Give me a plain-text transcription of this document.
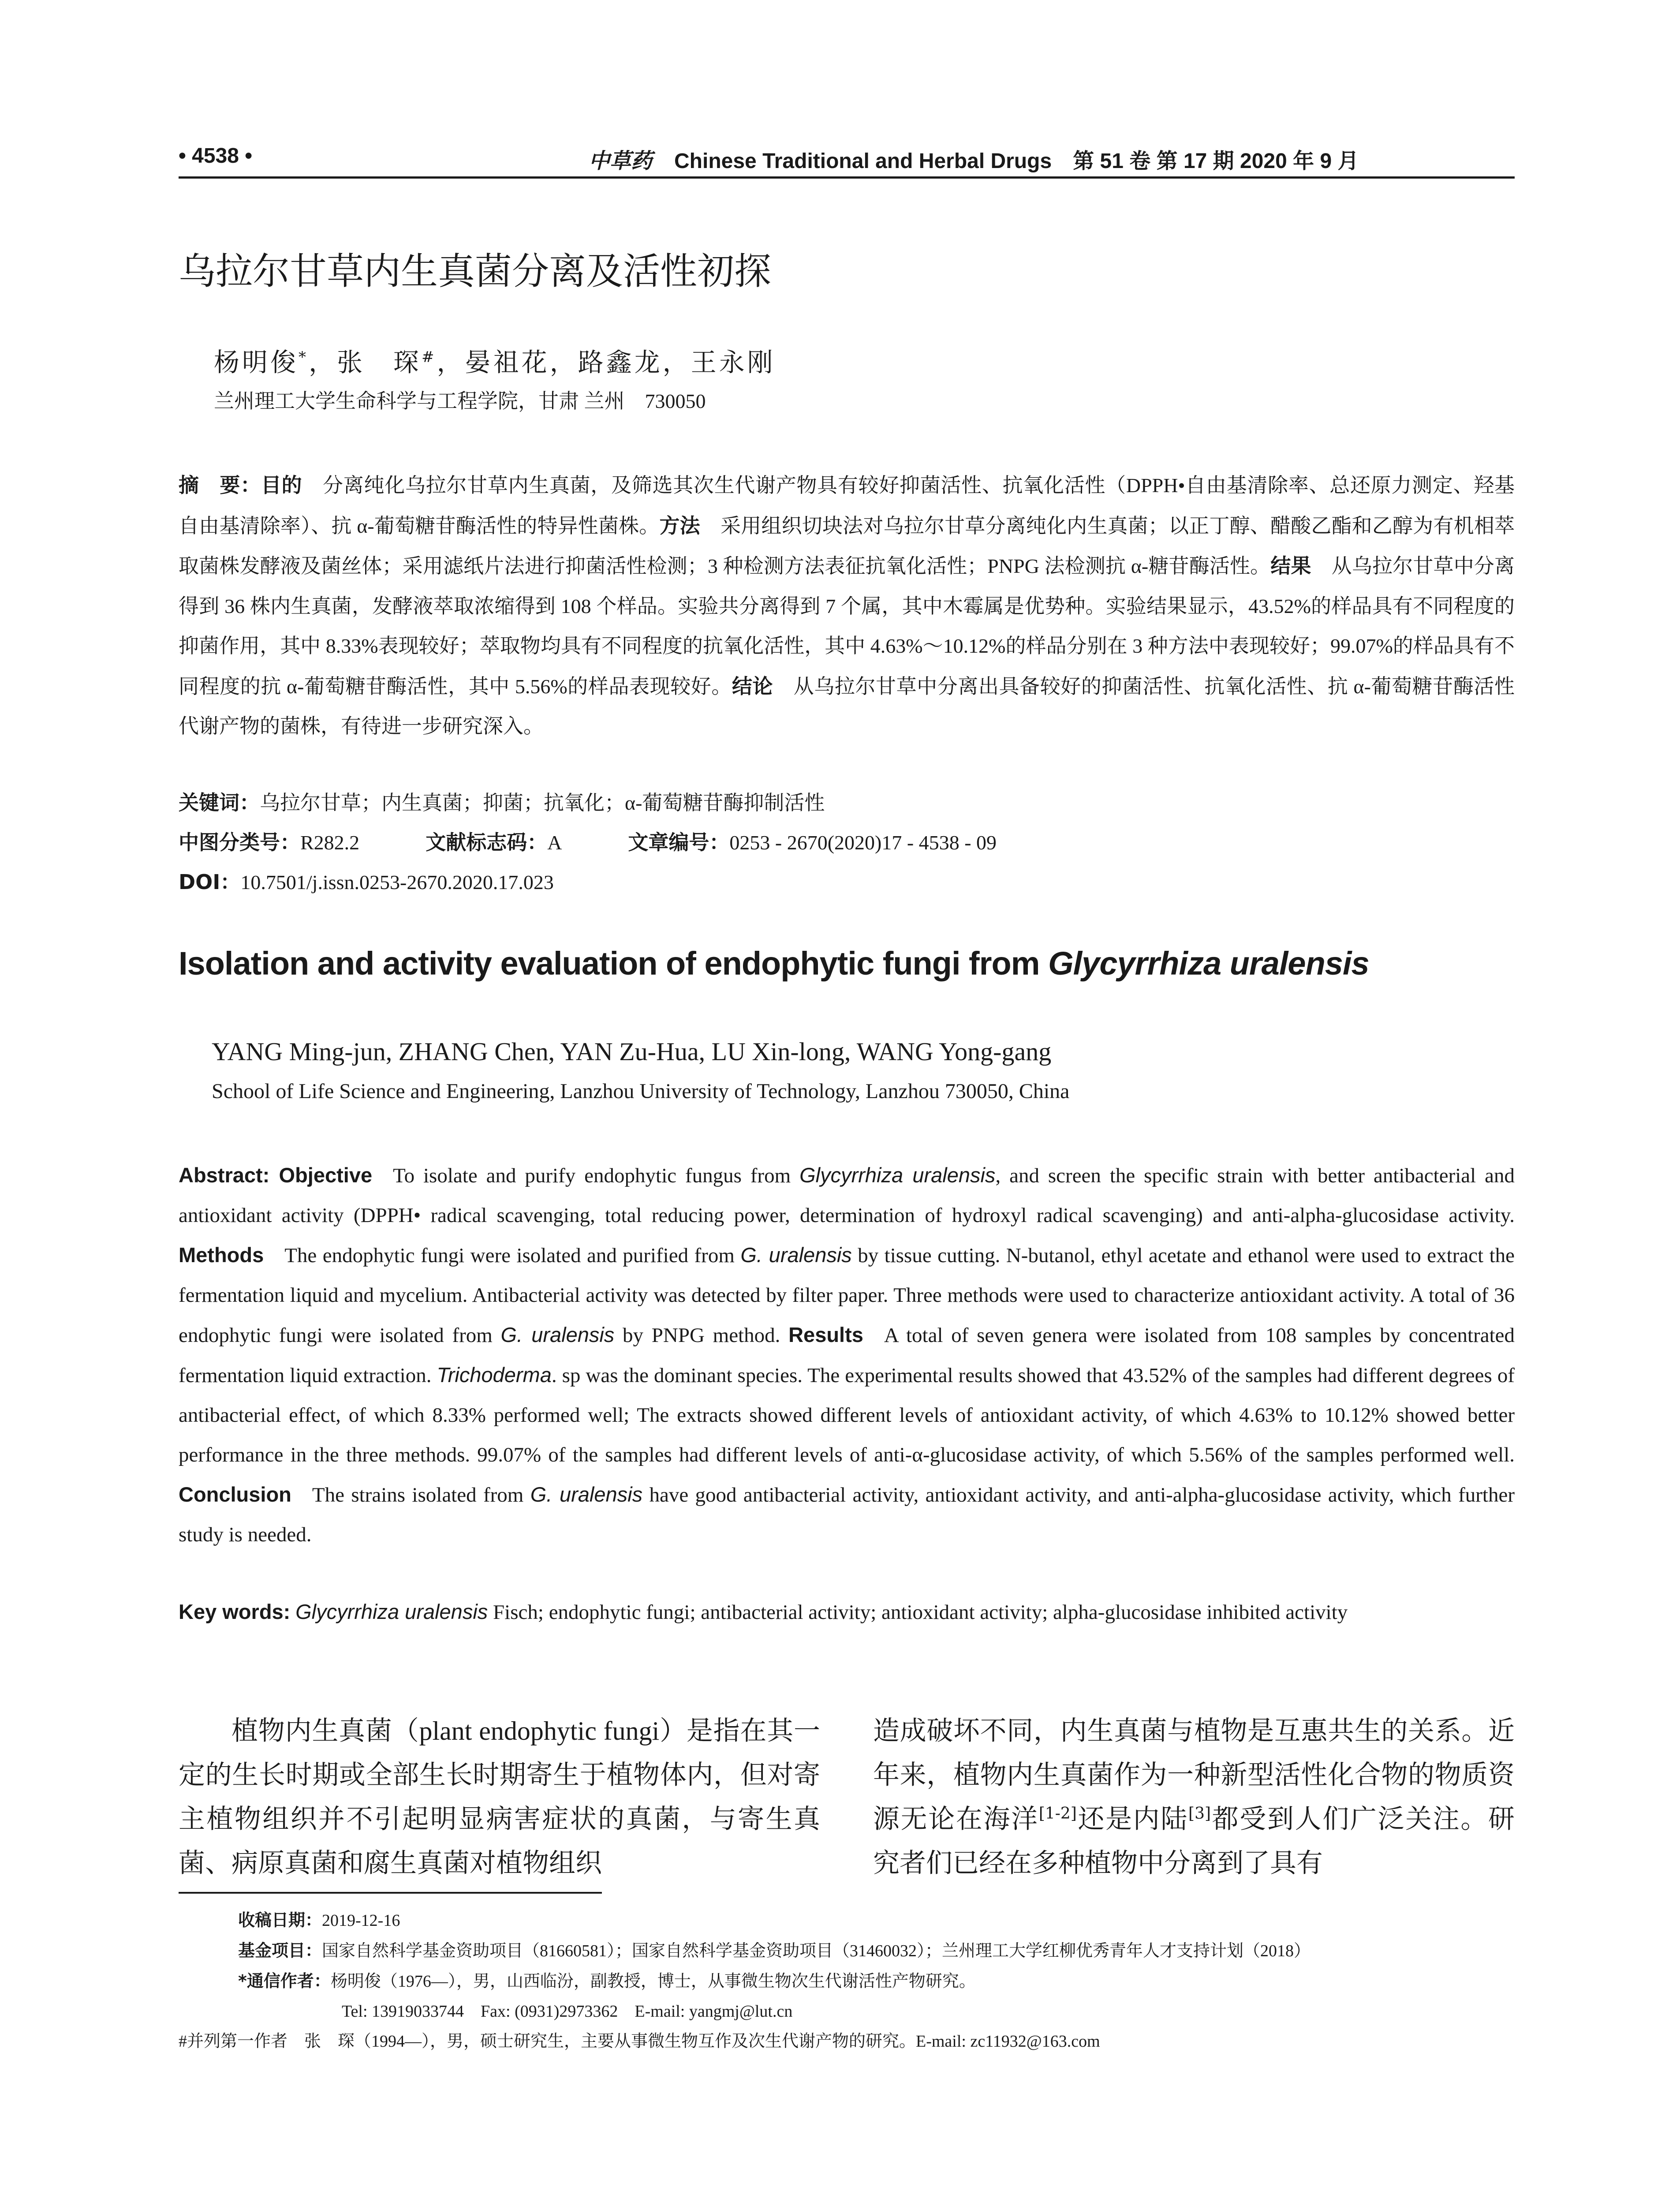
• 4538 •	中草药 Chinese Traditional and Herbal Drugs　 第 51 卷 第 17 期 2020 年 9 月
乌拉尔甘草内生真菌分离及活性初探
杨明俊*，张　琛#，晏祖花，路鑫龙，王永刚
兰州理工大学生命科学与工程学院，甘肃 兰州　730050
摘　要：目的　 分离纯化乌拉尔甘草内生真菌，及筛选其次生代谢产物具有较好抑菌活性、抗氧化活性（DPPH•自由基清除率、总还原力测定、羟基自由基清除率）、抗 α-葡萄糖苷酶活性的特异性菌株。方法　 采用组织切块法对乌拉尔甘草分离纯化内生真菌；以正丁醇、醋酸乙酯和乙醇为有机相萃取菌株发酵液及菌丝体；采用滤纸片法进行抑菌活性检测；3 种检测方法表征抗氧化活性；PNPG 法检测抗 α-糖苷酶活性。结果　 从乌拉尔甘草中分离得到 36 株内生真菌，发酵液萃取浓缩得到 108 个样品。实验共分离得到 7 个属，其中木霉属是优势种。实验结果显示，43.52%的样品具有不同程度的抑菌作用，其中 8.33%表现较好；萃取物均具有不同程度的抗氧化活性，其中 4.63%～10.12%的样品分别在 3 种方法中表现较好；99.07%的样品具有不同程度的抗 α-葡萄糖苷酶活性，其中 5.56%的样品表现较好。结论　 从乌拉尔甘草中分离出具备较好的抑菌活性、抗氧化活性、抗 α-葡萄糖苷酶活性代谢产物的菌株，有待进一步研究深入。
关键词：乌拉尔甘草；内生真菌；抑菌；抗氧化；α-葡萄糖苷酶抑制活性
中图分类号：R282.2	文献标志码：A	文章编号：0253 - 2670(2020)17 - 4538 - 09
DOI：10.7501/j.issn.0253-2670.2020.17.023
Isolation and activity evaluation of endophytic fungi from Glycyrrhiza uralensis
YANG Ming-jun, ZHANG Chen, YAN Zu-Hua, LU Xin-long, WANG Yong-gang
School of Life Science and Engineering, Lanzhou University of Technology, Lanzhou 730050, China
Abstract: Objective  To isolate and purify endophytic fungus from Glycyrrhiza uralensis, and screen the specific strain with better antibacterial and antioxidant activity (DPPH• radical scavenging, total reducing power, determination of hydroxyl radical scavenging) and anti-alpha-glucosidase activity. Methods  The endophytic fungi were isolated and purified from G. uralensis by tissue cutting. N-butanol, ethyl acetate and ethanol were used to extract the fermentation liquid and mycelium. Antibacterial activity was detected by filter paper. Three methods were used to characterize antioxidant activity. A total of 36 endophytic fungi were isolated from G. uralensis by PNPG method. Results  A total of seven genera were isolated from 108 samples by concentrated fermentation liquid extraction. Trichoderma. sp was the dominant species. The experimental results showed that 43.52% of the samples had different degrees of antibacterial effect, of which 8.33% performed well; The extracts showed different levels of antioxidant activity, of which 4.63% to 10.12% showed better performance in the three methods. 99.07% of the samples had different levels of anti-α-glucosidase activity, of which 5.56% of the samples performed well. Conclusion  The strains isolated from G. uralensis have good antibacterial activity, antioxidant activity, and anti-alpha-glucosidase activity, which further study is needed.
Key words: Glycyrrhiza uralensis Fisch; endophytic fungi; antibacterial activity; antioxidant activity; alpha-glucosidase inhibited activity
植物内生真菌（plant endophytic fungi）是指在其一定的生长时期或全部生长时期寄生于植物体内，但对寄主植物组织并不引起明显病害症状的真菌，与寄生真菌、病原真菌和腐生真菌对植物组织
造成破坏不同，内生真菌与植物是互惠共生的关系。近年来，植物内生真菌作为一种新型活性化合物的物质资源无论在海洋[1-2]还是内陆[3]都受到人们广泛关注。研究者们已经在多种植物中分离到了具有
收稿日期：2019-12-16
基金项目：国家自然科学基金资助项目（81660581）；国家自然科学基金资助项目（31460032）；兰州理工大学红柳优秀青年人才支持计划（2018）
*通信作者：杨明俊（1976—），男，山西临汾，副教授，博士，从事微生物次生代谢活性产物研究。
Tel: 13919033744　Fax: (0931)2973362　E-mail: yangmj@lut.cn
#并列第一作者　张　琛（1994—），男，硕士研究生，主要从事微生物互作及次生代谢产物的研究。E-mail: zc11932@163.com
